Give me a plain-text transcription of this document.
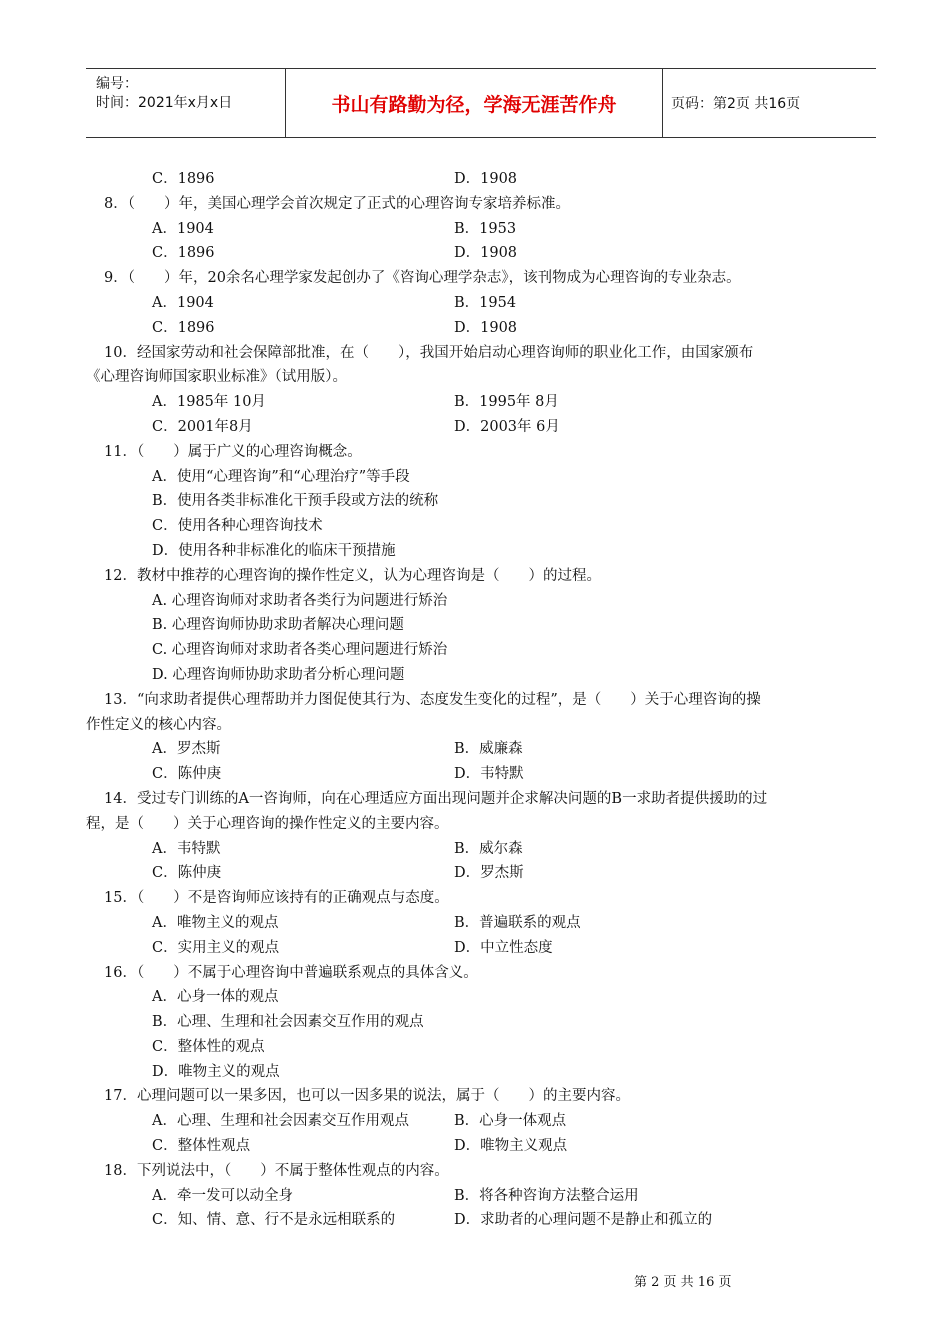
编号：
时间：2021年x月x日	书山有路勤为径，学海无涯苦作舟	页码：第2页 共16页
C．1896	D．1908
8．（　　）年，美国心理学会首次规定了正式的心理咨询专家培养标准。
A．1904	B．1953
C．1896	D．1908
9．（　　）年，20余名心理学家发起创办了《咨询心理学杂志》，该刊物成为心理咨询的专业杂志。
A．1904	B．1954
C．1896	D．1908
10．经国家劳动和社会保障部批准，在（　　），我国开始启动心理咨询师的职业化工作，由国家颁布
《心理咨询师国家职业标准》（试用版）。
A．1985年 10月	B．1995年 8月
C．2001年8月	D．2003年 6月
11．（　　）属于广义的心理咨询概念。
A．使用“心理咨询”和“心理治疗”等手段
B．使用各类非标准化干预手段或方法的统称
C．使用各种心理咨询技术
D．使用各种非标准化的临床干预措施
12．教材中推荐的心理咨询的操作性定义，认为心理咨询是（　　）的过程。
A. 心理咨询师对求助者各类行为问题进行矫治
B. 心理咨询师协助求助者解决心理问题
C. 心理咨询师对求助者各类心理问题进行矫治
D. 心理咨询师协助求助者分析心理问题
13．“向求助者提供心理帮助并力图促使其行为、态度发生变化的过程”，是（　　）关于心理咨询的操
作性定义的核心内容。
A．罗杰斯	B．威廉森
C．陈仲庚	D．韦特默
14．受过专门训练的A一咨询师，向在心理适应方面出现问题并企求解决问题的B一求助者提供援助的过
程，是（　　）关于心理咨询的操作性定义的主要内容。
A．韦特默	B．威尔森
C．陈仲庚	D．罗杰斯
15．（　　）不是咨询师应该持有的正确观点与态度。
A．唯物主义的观点	B．普遍联系的观点
C．实用主义的观点	D．中立性态度
16．（　　）不属于心理咨询中普遍联系观点的具体含义。
A．心身一体的观点
B．心理、生理和社会因素交互作用的观点
C．整体性的观点
D．唯物主义的观点
17．心理问题可以一果多因，也可以一因多果的说法，属于（　　）的主要内容。
A．心理、生理和社会因素交互作用观点	B．心身一体观点
C．整体性观点	D．唯物主义观点
18．下列说法中，（　　）不属于整体性观点的内容。
A．牵一发可以动全身	B．将各种咨询方法整合运用
C．知、情、意、行不是永远相联系的	D．求助者的心理问题不是静止和孤立的
第 2 页 共 16 页
